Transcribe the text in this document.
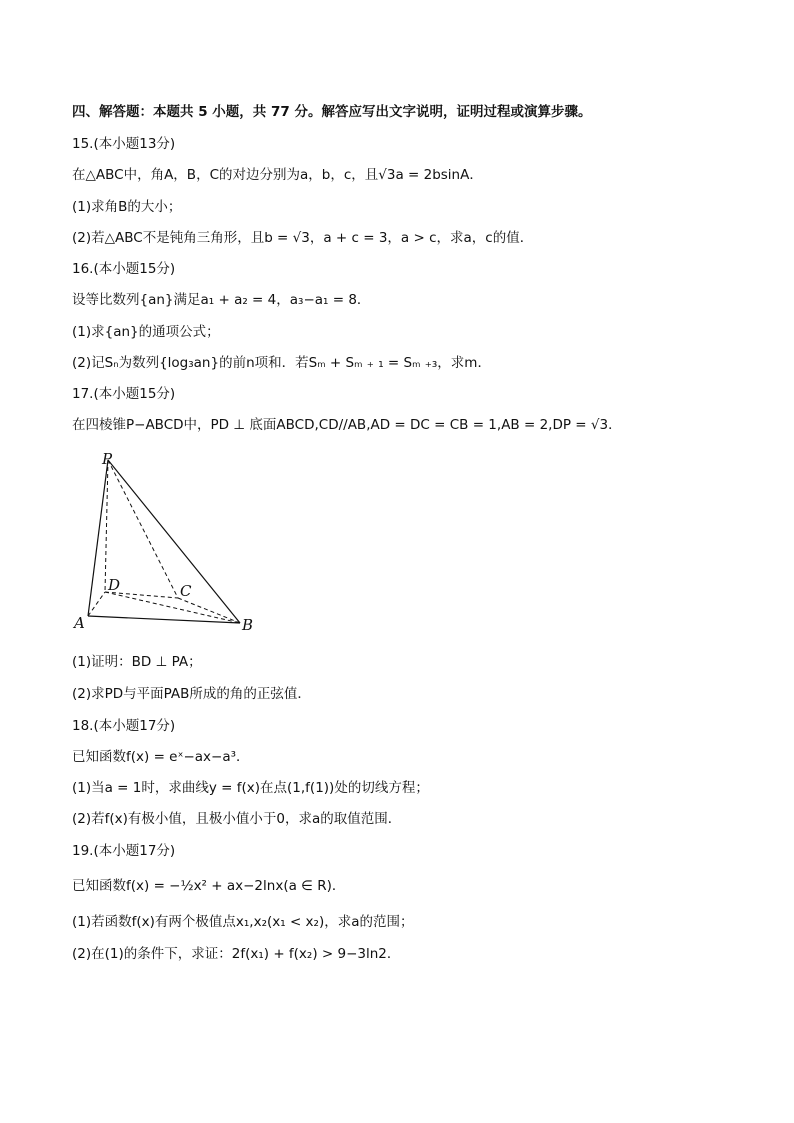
四、解答题：本题共 5 小题，共 77 分。解答应写出文字说明，证明过程或演算步骤。
15.(本小题13分)
在△ABC中，角A，B，C的对边分别为a，b，c，且√3a = 2bsinA．
(1)求角B的大小；
(2)若△ABC不是钝角三角形，且b = √3，a + c = 3，a > c，求a，c的值．
16.(本小题15分)
设等比数列{an}满足a₁ + a₂ = 4，a₃−a₁ = 8．
(1)求{an}的通项公式；
(2)记Sₙ为数列{log₃an}的前n项和．若Sₘ + Sₘ ₊ ₁ = Sₘ ₊₃，求m．
17.(本小题15分)
在四棱锥P−ABCD中，PD ⊥ 底面ABCD,CD//AB,AD = DC = CB = 1,AB = 2,DP = √3．
P
D	C
A	B
(1)证明：BD ⊥ PA；
(2)求PD与平面PAB所成的角的正弦值．
18.(本小题17分)
已知函数f(x) = eˣ−ax−a³．
(1)当a = 1时，求曲线y = f(x)在点(1,f(1))处的切线方程；
(2)若f(x)有极小值，且极小值小于0，求a的取值范围．
19.(本小题17分)
已知函数f(x) = −½x² + ax−2lnx(a ∈ R)．
(1)若函数f(x)有两个极值点x₁,x₂(x₁ < x₂)，求a的范围；
(2)在(1)的条件下，求证：2f(x₁) + f(x₂) > 9−3ln2．
